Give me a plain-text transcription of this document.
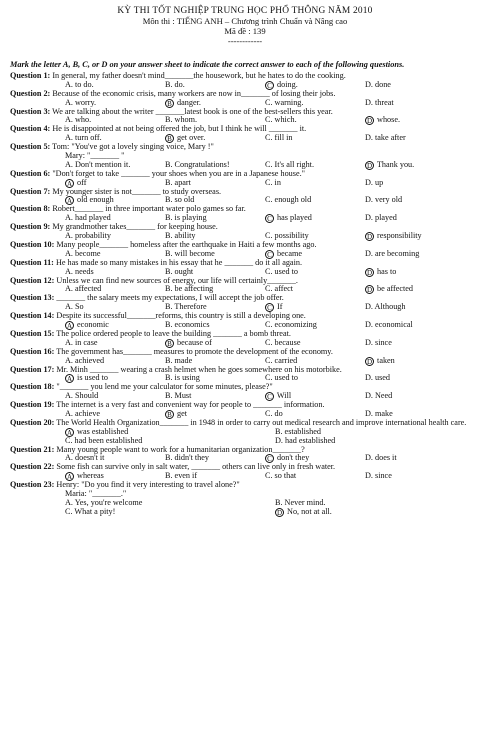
KỲ THI TỐT NGHIỆP TRUNG HỌC PHỔ THÔNG NĂM 2010
Môn thi : TIẾNG ANH – Chương trình Chuẩn và Nâng cao
Mã đề : 139
------------
Mark the letter A, B, C, or D on your answer sheet to indicate the correct answer to each of the following questions.
Question 1: In general, my father doesn't mind_______the housework, but he hates to do the cooking.
A. to do.	B. do.	C doing.	D. done
Question 2: Because of the economic crisis, many workers are now in_______ of losing their jobs.
A. worry.	B danger.	C. warning.	D. threat
Question 3: We are talking about the writer _______latest book is one of the best-sellers this year.
A. who.	B. whom.	C. which.	D whose.
Question 4: He is disappointed at not being offered the job, but I think he will _______ it.
A. turn off.	B get over.	C. fill in	D. take after
Question 5: Tom: "You've got a lovely singing voice, Mary !"
Mary: "_______ "
A. Don't mention it.	B. Congratulations!	C. It's all right.	D Thank you.
Question 6: "Don't forget to take _______ your shoes when you are in a Japanese house."
A off	B. apart	C. in	D. up
Question 7: My younger sister is not_______ to study overseas.
A old enough	B. so old	C. enough old	D. very old
Question 8: Robert_______ in three important water polo games so far.
A. had played	B. is playing	C has played	D. played
Question 9: My grandmother takes_______ for keeping house.
A. probability	B. ability	C. possibility	D responsibility
Question 10: Many people_______ homeless after the earthquake in Haiti a few months ago.
A. become	B. will become	C became	D. are becoming
Question 11: He has made so many mistakes in his essay that he _______ do it all again.
A. needs	B. ought	C. used to	D has to
Question 12: Unless we can find new sources of energy, our life will certainly_______.
A. affected	B. be affecting	C. affect	D be affected
Question 13: _______ the salary meets my expectations, I will accept the job offer.
A. So	B. Therefore	C If	D. Although
Question 14: Despite its successful_______reforms, this country is still a developing one.
A economic	B. economics	C. economizing	D. economical
Question 15: The police ordered people to leave the building _______ a bomb threat.
A. in case	B because of	C. because	D. since
Question 16: The government has_______ measures to promote the development of the economy.
A. achieved	B. made	C. carried	D taken
Question 17: Mr. Minh _______ wearing a crash helmet when he goes somewhere on his motorbike.
A is used to	B. is using	C. used to	D. used
Question 18: "_______ you lend me your calculator for some minutes, please?"
A. Should	B. Must	C Will	D. Need
Question 19: The internet is a very fast and convenient way for people to _______ information.
A. achieve	B get	C. do	D. make
Question 20: The World Health Organization_______ in 1948 in order to carry out medical research and improve international health care.
A was established	B. established
C. had been established	D. had established
Question 21: Many young people want to work for a humanitarian organization_______?
A. doesn't it	B. didn't they	C don't they	D. does it
Question 22: Some fish can survive only in salt water, _______ others can live only in fresh water.
A whereas	B. even if	C. so that	D. since
Question 23: Henry: "Do you find it very interesting to travel alone?"
Maria: "_______."
A. Yes, you're welcome	B. Never mind.
C. What a pity!	D No, not at all.
